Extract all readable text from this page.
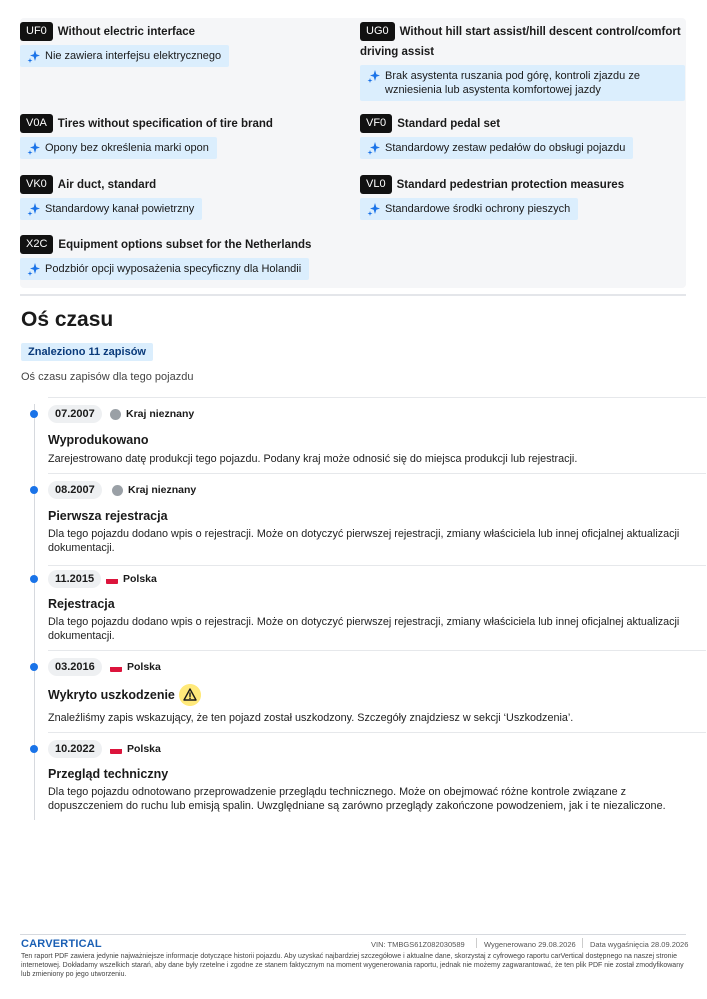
UF0 Without electric interface
Nie zawiera interfejsu elektrycznego
UG0 Without hill start assist/hill descent control/comfort driving assist
Brak asystenta ruszania pod górę, kontroli zjazdu ze wzniesienia lub asystenta komfortowej jazdy
V0A Tires without specification of tire brand
Opony bez określenia marki opon
VF0 Standard pedal set
Standardowy zestaw pedałów do obsługi pojazdu
VK0 Air duct, standard
Standardowy kanał powietrzny
VL0 Standard pedestrian protection measures
Standardowe środki ochrony pieszych
X2C Equipment options subset for the Netherlands
Podzbiór opcji wyposażenia specyficzny dla Holandii
Oś czasu
Znaleziono 11 zapisów
Oś czasu zapisów dla tego pojazdu
07.2007	Kraj nieznany
Wyprodukowano
Zarejestrowano datę produkcji tego pojazdu. Podany kraj może odnosić się do miejsca produkcji lub rejestracji.
08.2007	Kraj nieznany
Pierwsza rejestracja
Dla tego pojazdu dodano wpis o rejestracji. Może on dotyczyć pierwszej rejestracji, zmiany właściciela lub innej oficjalnej aktualizacji dokumentacji.
11.2015	Polska
Rejestracja
Dla tego pojazdu dodano wpis o rejestracji. Może on dotyczyć pierwszej rejestracji, zmiany właściciela lub innej oficjalnej aktualizacji dokumentacji.
03.2016	Polska
Wykryto uszkodzenie
Znaleźliśmy zapis wskazujący, że ten pojazd został uszkodzony. Szczegóły znajdziesz w sekcji ‘Uszkodzenia’.
10.2022	Polska
Przegląd techniczny
Dla tego pojazdu odnotowano przeprowadzenie przeglądu technicznego. Może on obejmować różne kontrole związane z dopuszczeniem do ruchu lub emisją spalin. Uwzględniane są zarówno przeglądy zakończone powodzeniem, jak i te niezaliczone.
CARVERTICAL	VIN: TMBGS61Z082030589	Wygenerowano 29.08.2026 Data wygaśnięcia 28.09.2026
Ten raport PDF zawiera jedynie najważniejsze informacje dotyczące historii pojazdu. Aby uzyskać najbardziej szczegółowe i aktualne dane, skorzystaj z cyfrowego raportu carVertical dostępnego na naszej stronie internetowej. Dokładamy wszelkich starań, aby dane były rzetelne i zgodne ze stanem faktycznym na moment wygenerowania raportu, jednak nie możemy zagwarantować, że ten plik PDF nie został zmodyfikowany lub zmieniony po jego utworzeniu.
